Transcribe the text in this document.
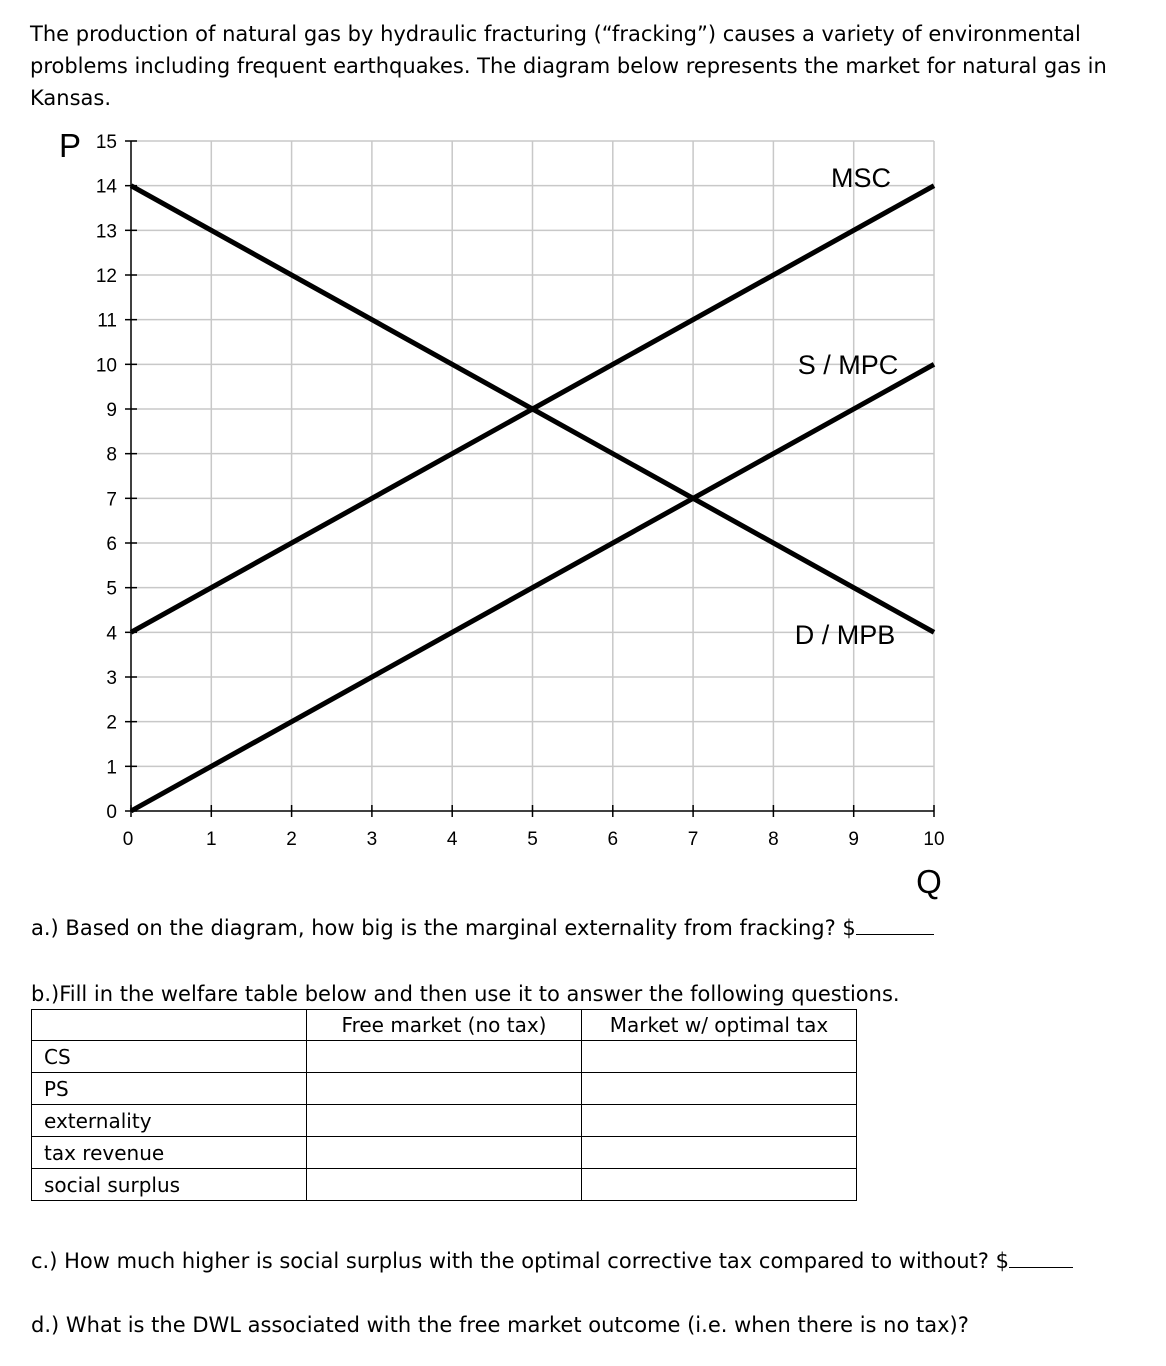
The production of natural gas by hydraulic fracturing (“fracking”) causes a variety of environmental
problems including frequent earthquakes. The diagram below represents the market for natural gas in
Kansas.
0
1
2
3
4
5
6
7
8
9
10
11
12
13
14
15
0	1	2	3	4	5	6	7	8	9	10
P
Q
MSC
S / MPC
D / MPB
a.) Based on the diagram, how big is the marginal externality from fracking? $
b.)Fill in the welfare table below and then use it to answer the following questions.
	Free market (no tax)	Market w/ optimal tax
CS		
PS		
externality		
tax revenue		
social surplus		
c.) How much higher is social surplus with the optimal corrective tax compared to without? $
d.) What is the DWL associated with the free market outcome (i.e. when there is no tax)?
